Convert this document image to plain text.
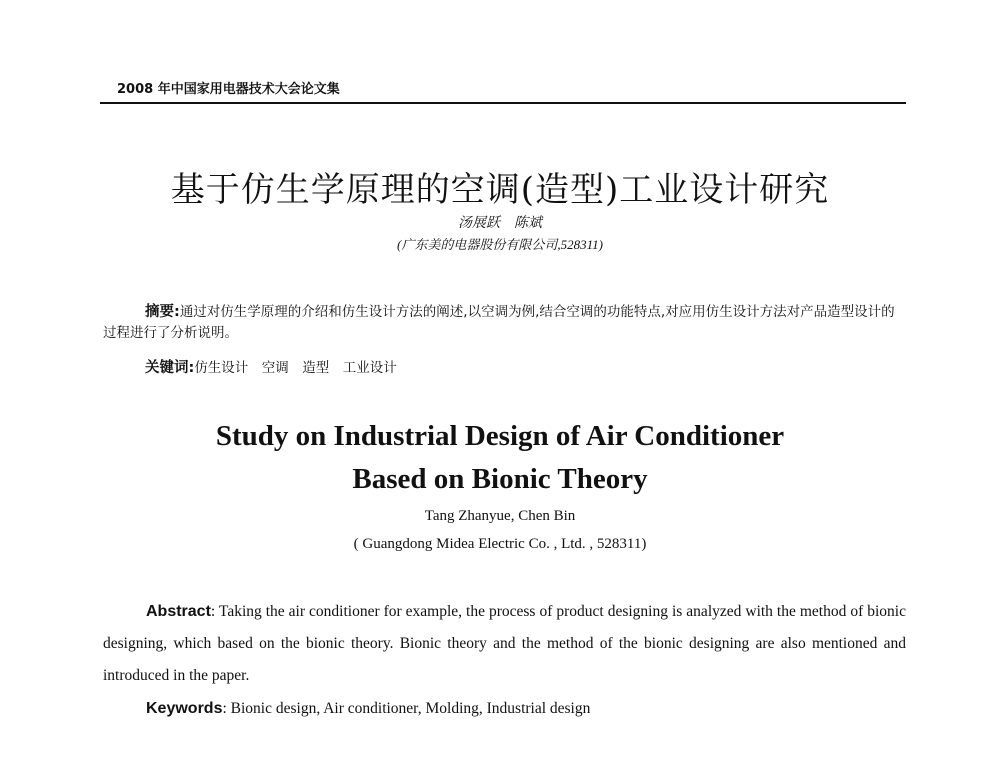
2008 年中国家用电器技术大会论文集
基于仿生学原理的空调(造型)工业设计研究
汤展跃　陈斌
(广东美的电器股份有限公司,528311)
摘要:通过对仿生学原理的介绍和仿生设计方法的阐述,以空调为例,结合空调的功能特点,对应用仿生设计方法对产品造型设计的过程进行了分析说明。
关键词:仿生设计　空调　造型　工业设计
Study on Industrial Design of Air Conditioner
Based on Bionic Theory
Tang Zhanyue, Chen Bin
( Guangdong Midea Electric Co. , Ltd. , 528311)
Abstract: Taking the air conditioner for example, the process of product designing is analyzed with the method of bionic designing, which based on the bionic theory. Bionic theory and the method of the bionic designing are also mentioned and introduced in the paper.
Keywords: Bionic design, Air conditioner, Molding, Industrial design
